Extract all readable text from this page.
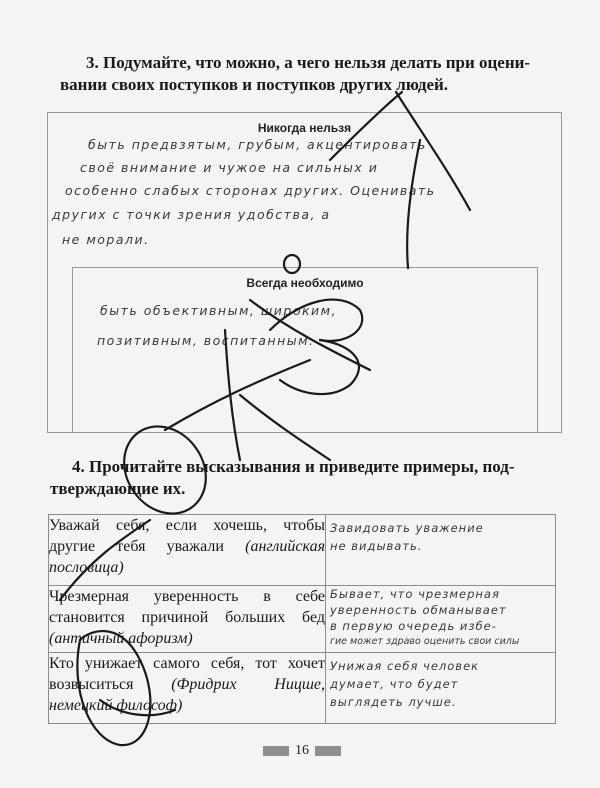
3. Подумайте, что можно, а чего нельзя делать при оцени-
вании своих поступков и поступков других людей.
Никогда нельзя
быть предвзятым, грубым, акцентировать
своё внимание и чужое на сильных и
особенно слабых сторонах других. Оценивать
других с точки зрения удобства, а
не морали.
Всегда необходимо
быть объективным, широким,
позитивным, воспитанным.
4. Прочитайте высказывания и приведите примеры, под-
тверждающие их.
Уважай себя, если хочешь, чтобы другие тебя уважали (английская пословица)	Завидовать уважение
не видывать.

Чрезмерная уверенность в себе становится причиной больших бед (античный афоризм)	Бывает, что чрезмерная
уверенность обманывает
в первую очередь избе-
гие может здраво оценить свои силы

Кто унижает самого себя, тот хочет возвыситься (Фридрих Ницше, немецкий философ)	Унижая себя человек
думает, что будет
выглядеть лучше.
16
